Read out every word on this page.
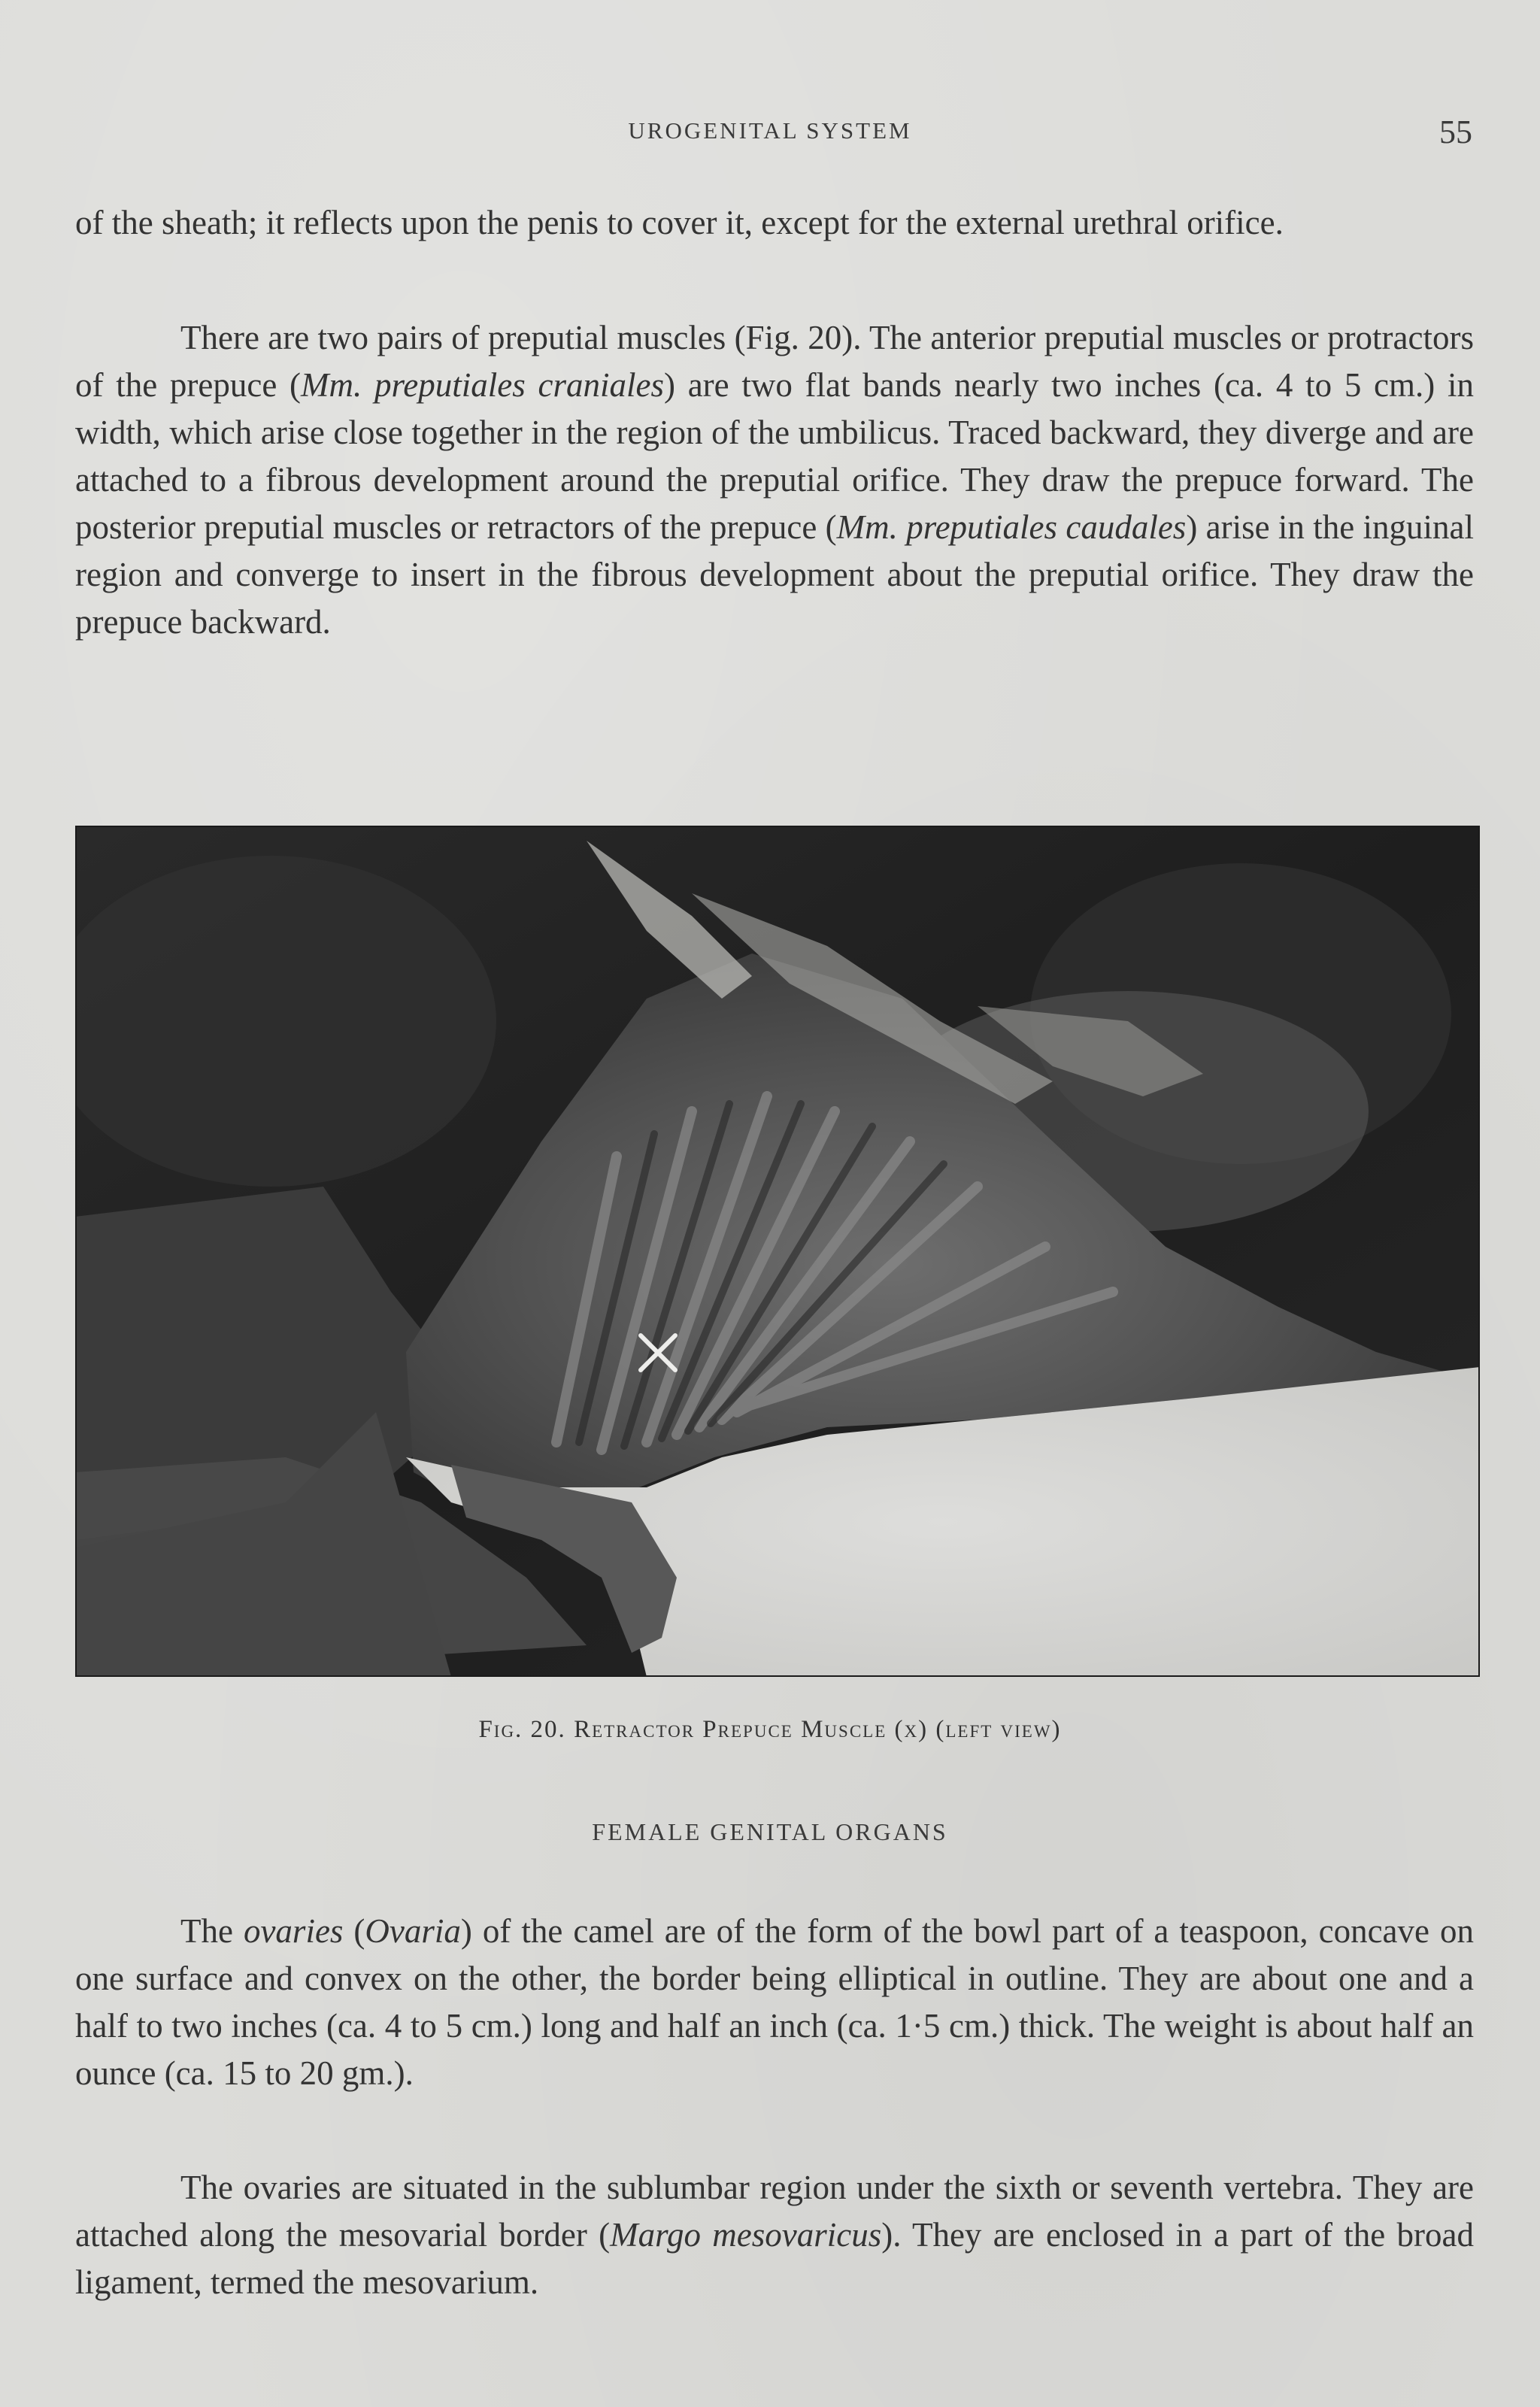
UROGENITAL SYSTEM	55

of the sheath; it reflects upon the penis to cover it, except for the external urethral orifice.

There are two pairs of preputial muscles (Fig. 20). The anterior preputial muscles or protractors of the prepuce (Mm. preputiales craniales) are two flat bands nearly two inches (ca. 4 to 5 cm.) in width, which arise close together in the region of the umbilicus. Traced backward, they diverge and are attached to a fibrous development around the preputial orifice. They draw the prepuce forward. The posterior preputial muscles or retractors of the prepuce (Mm. preputiales caudales) arise in the inguinal region and converge to insert in the fibrous development about the preputial orifice. They draw the prepuce backward.

Fig. 20. Retractor Prepuce Muscle (x) (left view)
FEMALE GENITAL ORGANS

The ovaries (Ovaria) of the camel are of the form of the bowl part of a teaspoon, concave on one surface and convex on the other, the border being elliptical in outline. They are about one and a half to two inches (ca. 4 to 5 cm.) long and half an inch (ca. 1·5 cm.) thick. The weight is about half an ounce (ca. 15 to 20 gm.).

The ovaries are situated in the sublumbar region under the sixth or seventh vertebra. They are attached along the mesovarial border (Margo mesovaricus). They are enclosed in a part of the broad ligament, termed the mesovarium.
